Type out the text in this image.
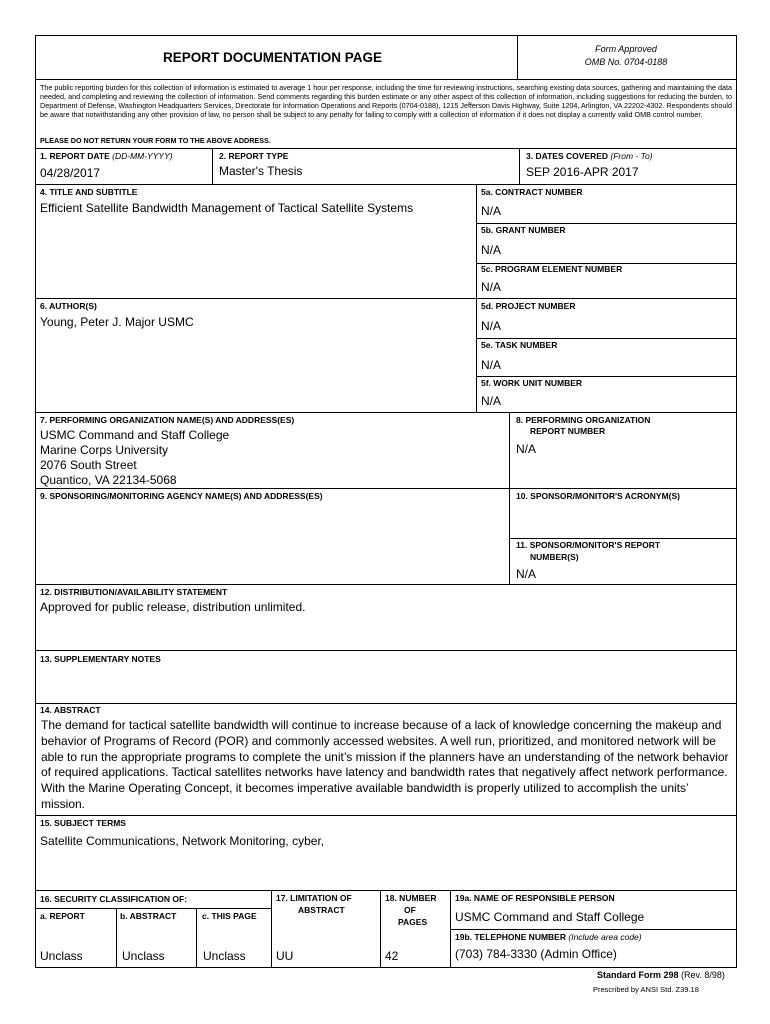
REPORT DOCUMENTATION PAGE
Form Approved
OMB No. 0704-0188
The public reporting burden for this collection of information is estimated to average 1 hour per response, including the time for reviewing instructions, searching existing data sources, gathering and maintaining the data needed, and completing and reviewing the collection of information. Send comments regarding this burden estimate or any other aspect of this collection of information, including suggestions for reducing the burden, to Department of Defense, Washington Headquarters Services, Directorate for Information Operations and Reports (0704-0188), 1215 Jefferson Davis Highway, Suite 1204, Arlington, VA 22202-4302. Respondents should be aware that notwithstanding any other provision of law, no person shall be subject to any penalty for failing to comply with a collection of information if it does not display a currently valid OMB control number.
PLEASE DO NOT RETURN YOUR FORM TO THE ABOVE ADDRESS.
1. REPORT DATE (DD-MM-YYYY)
04/28/2017
2. REPORT TYPE
Master's Thesis
3. DATES COVERED (From - To)
SEP 2016-APR 2017
4. TITLE AND SUBTITLE
Efficient Satellite Bandwidth Management of Tactical Satellite Systems
5a. CONTRACT NUMBER
N/A
5b. GRANT NUMBER
N/A
5c. PROGRAM ELEMENT NUMBER
N/A
6. AUTHOR(S)
Young, Peter J. Major USMC
5d. PROJECT NUMBER
N/A
5e. TASK NUMBER
N/A
5f. WORK UNIT NUMBER
N/A
7. PERFORMING ORGANIZATION NAME(S) AND ADDRESS(ES)
USMC Command and Staff College
Marine Corps University
2076 South Street
Quantico, VA 22134-5068
8. PERFORMING ORGANIZATION
REPORT NUMBER
N/A
9. SPONSORING/MONITORING AGENCY NAME(S) AND ADDRESS(ES)	10. SPONSOR/MONITOR'S ACRONYM(S)
11. SPONSOR/MONITOR'S REPORT
NUMBER(S)
N/A
12. DISTRIBUTION/AVAILABILITY STATEMENT
Approved for public release, distribution unlimited.
13. SUPPLEMENTARY NOTES
14. ABSTRACT
The demand for tactical satellite bandwidth will continue to increase because of a lack of knowledge concerning the makeup and behavior of Programs of Record (POR) and commonly accessed websites. A well run, prioritized, and monitored network will be able to run the appropriate programs to complete the unit’s mission if the planners have an understanding of the network behavior of required applications. Tactical satellites networks have latency and bandwidth rates that negatively affect network performance. With the Marine Operating Concept, it becomes imperative available bandwidth is properly utilized to accomplish the units’ mission.
15. SUBJECT TERMS
Satellite Communications, Network Monitoring, cyber,
16. SECURITY CLASSIFICATION OF:
a. REPORT	b. ABSTRACT	c. THIS PAGE
Unclass	Unclass	Unclass
17. LIMITATION OF
ABSTRACT
UU
18. NUMBER
OF
PAGES
42
19a. NAME OF RESPONSIBLE PERSON
USMC Command and Staff College
19b. TELEPHONE NUMBER (Include area code)
(703) 784-3330 (Admin Office)
Standard Form 298 (Rev. 8/98)
Prescribed by ANSI Std. Z39.18
